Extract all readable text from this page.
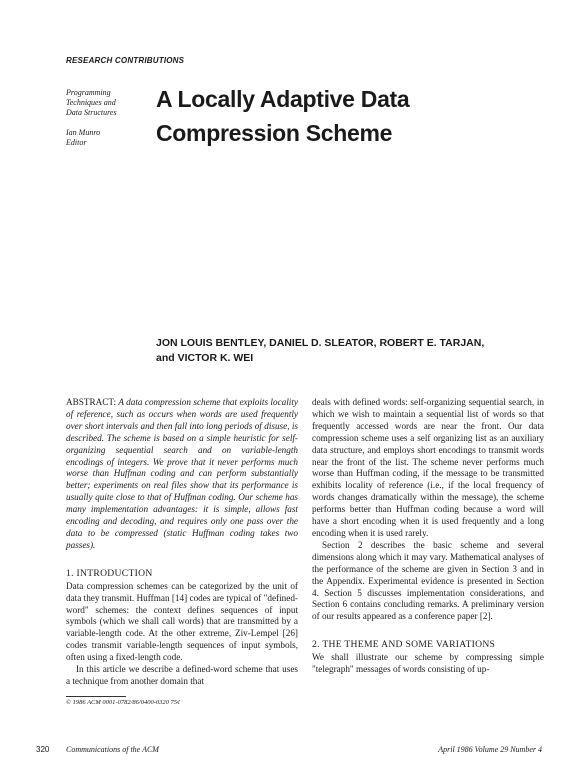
RESEARCH CONTRIBUTIONS
Programming
Techniques and
Data Structures
Ian Munro
Editor
A Locally Adaptive Data
Compression Scheme
JON LOUIS BENTLEY, DANIEL D. SLEATOR, ROBERT E. TARJAN,
and VICTOR K. WEI

ABSTRACT: A data compression scheme that exploits locality of reference, such as occurs when words are used frequently over short intervals and then fall into long periods of disuse, is described. The scheme is based on a simple heuristic for self-organizing sequential search and on variable-length encodings of integers. We prove that it never performs much worse than Huffman coding and can perform substantially better; experiments on real files show that its performance is usually quite close to that of Huffman coding. Our scheme has many implementation advantages: it is simple, allows fast encoding and decoding, and requires only one pass over the data to be compressed (static Huffman coding takes two passes).

1. INTRODUCTION

Data compression schemes can be categorized by the unit of data they transmit. Huffman [14] codes are typical of "defined-word" schemes: the context defines sequences of input symbols (which we shall call words) that are transmitted by a variable-length code. At the other extreme, Ziv-Lempel [26] codes transmit variable-length sequences of input symbols, often using a fixed-length code.

In this article we describe a defined-word scheme that uses a technique from another domain that

© 1986 ACM 0001-0782/86/0400-0320 75¢

deals with defined words: self-organizing sequential search, in which we wish to maintain a sequential list of words so that frequently accessed words are near the front. Our data compression scheme uses a self organizing list as an auxiliary data structure, and employs short encodings to transmit words near the front of the list. The scheme never performs much worse than Huffman coding, if the message to be transmitted exhibits locality of reference (i.e., if the local frequency of words changes dramatically within the message), the scheme performs better than Huffman coding because a word will have a short encoding when it is used frequently and a long encoding when it is used rarely.

Section 2 describes the basic scheme and several dimensions along which it may vary. Mathematical analyses of the performance of the scheme are given in Section 3 and in the Appendix. Experimental evidence is presented in Section 4. Section 5 discusses implementation considerations, and Section 6 contains concluding remarks. A preliminary version of our results appeared as a conference paper [2].

2. THE THEME AND SOME VARIATIONS

We shall illustrate our scheme by compressing simple "telegraph" messages of words consisting of up-

320 Communications of the ACM	April 1986 Volume 29 Number 4
